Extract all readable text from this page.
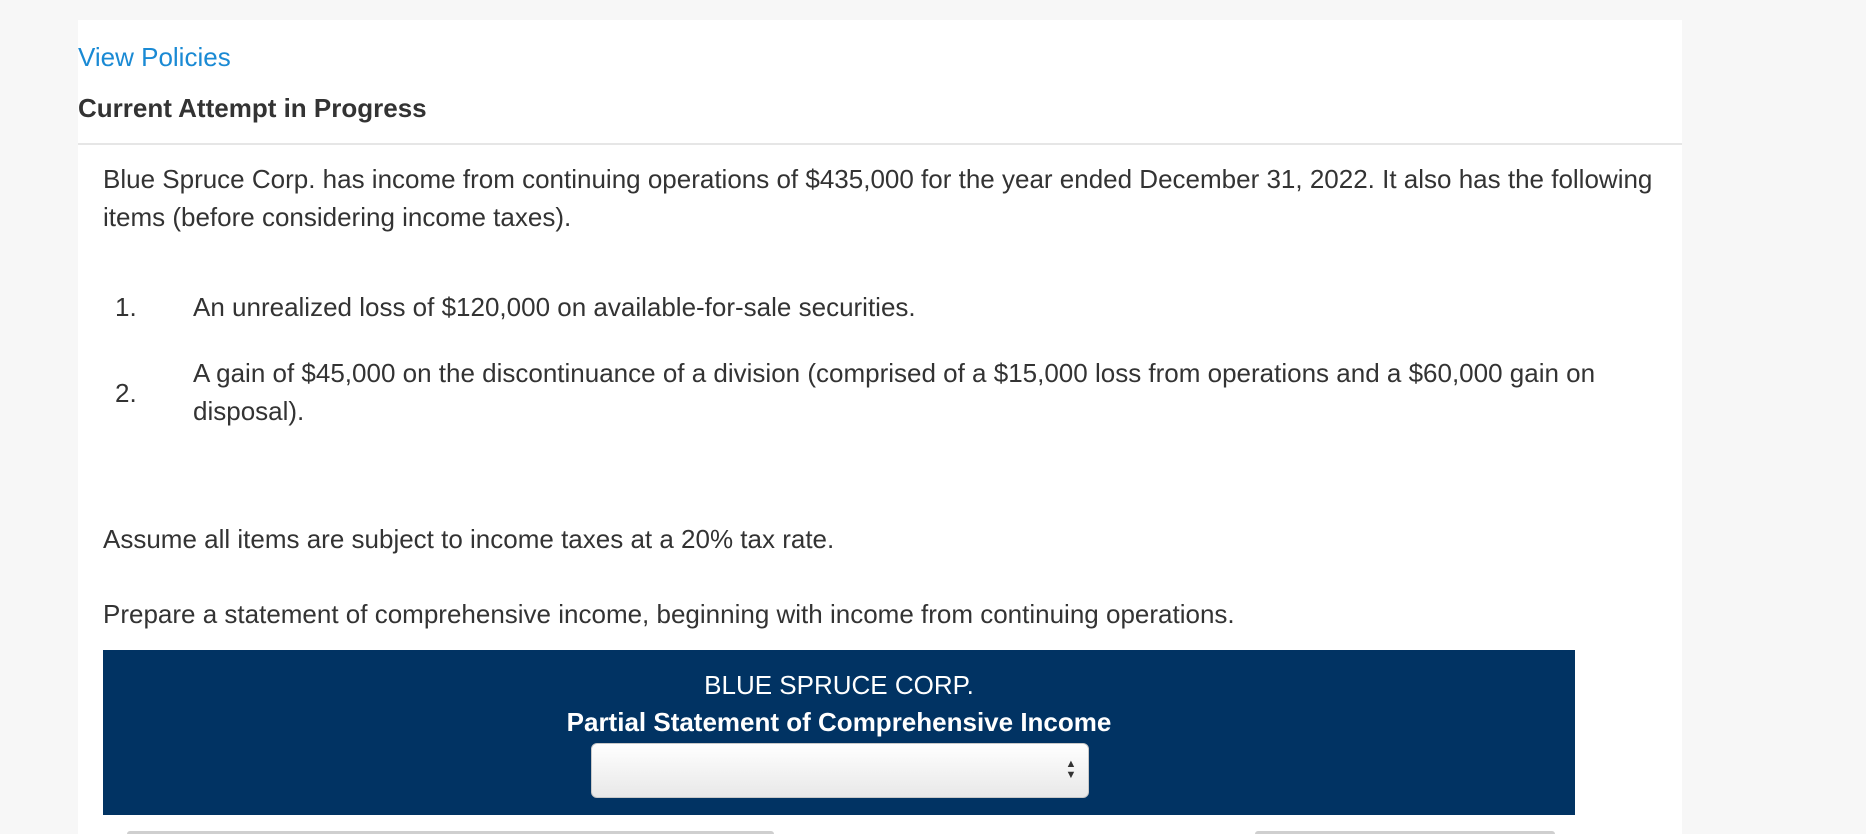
View Policies
Current Attempt in Progress

Blue Spruce Corp. has income from continuing operations of $435,000 for the year ended December 31, 2022. It also has the following items (before considering income taxes).

1. An unrealized loss of $120,000 on available-for-sale securities.
2.
A gain of $45,000 on the discontinuance of a division (comprised of a $15,000 loss from operations and a $60,000 gain on disposal).
Assume all items are subject to income taxes at a 20% tax rate.
Prepare a statement of comprehensive income, beginning with income from continuing operations.
BLUE SPRUCE CORP.
Partial Statement of Comprehensive Income
▲
▼
